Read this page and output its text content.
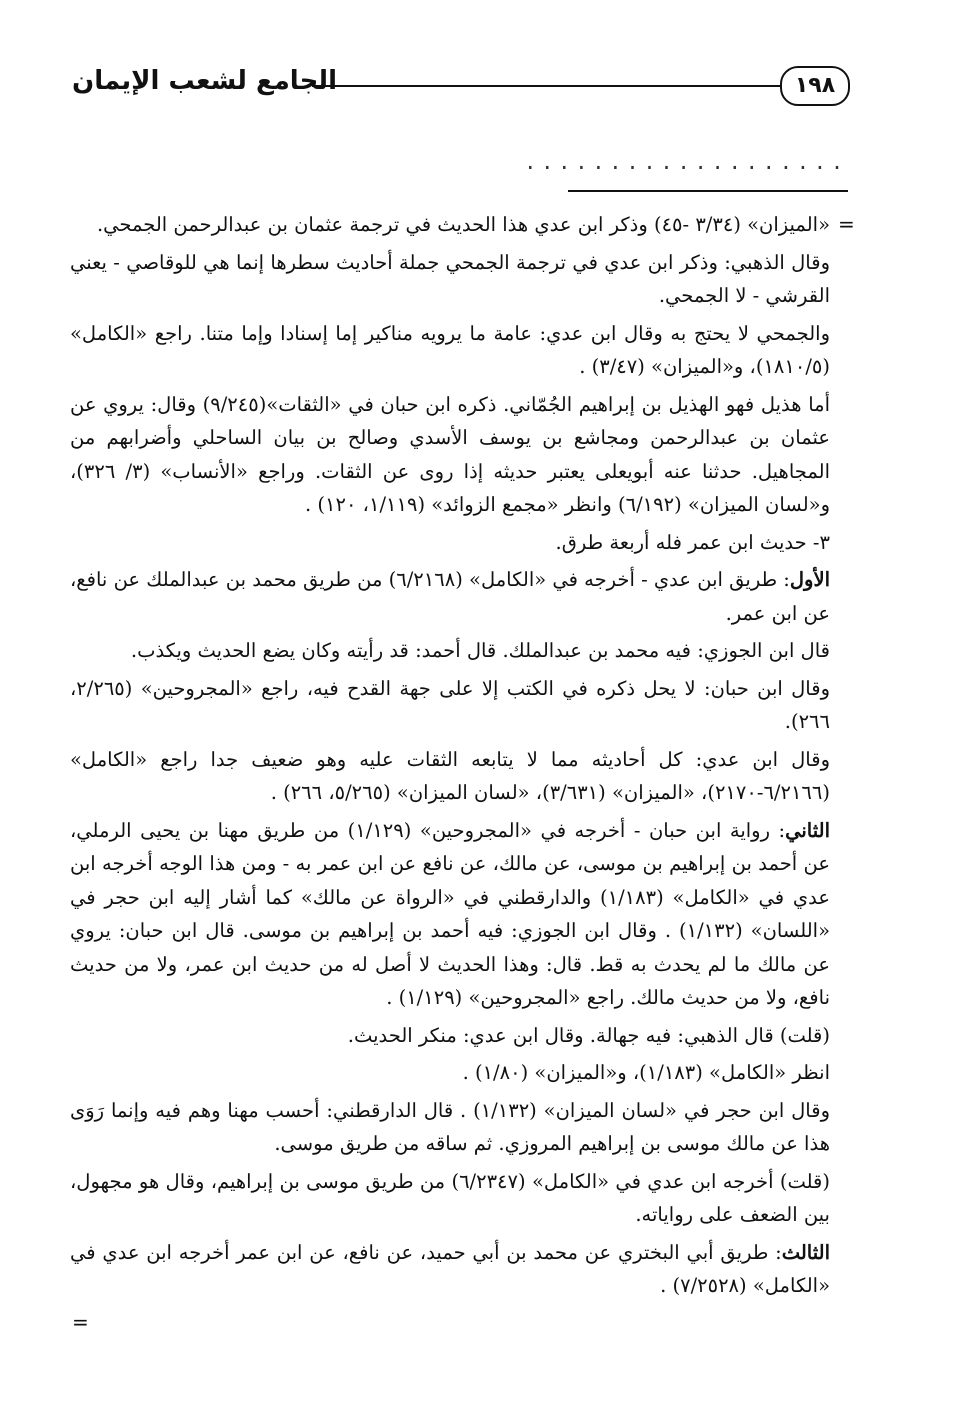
١٩٨
الجامع لشعب الإيمان
...................
=

«الميزان» (٣/٣٤ -٤٥) وذكر ابن عدي هذا الحديث في ترجمة عثمان بن عبدالرحمن الجمحي.

وقال الذهبي: وذكر ابن عدي في ترجمة الجمحي جملة أحاديث سطرها إنما هي للوقاصي - يعني القرشي - لا الجمحي.

والجمحي لا يحتج به وقال ابن عدي: عامة ما يرويه مناكير إما إسنادا وإما متنا. راجع «الكامل» (١٨١٠/٥)، و«الميزان» (٣/٤٧) .

أما هذيل فهو الهذيل بن إبراهيم الجُمّاني. ذكره ابن حبان في «الثقات»(٩/٢٤٥) وقال: يروي عن عثمان بن عبدالرحمن ومجاشع بن يوسف الأسدي وصالح بن بيان الساحلي وأضرابهم من المجاهيل. حدثنا عنه أبويعلى يعتبر حديثه إذا روى عن الثقات. وراجع «الأنساب» (٣/ ٣٢٦)، و«لسان الميزان» (٦/١٩٢) وانظر «مجمع الزوائد» (١/١١٩، ١٢٠) .

٣- حديث ابن عمر فله أربعة طرق.

الأول: طريق ابن عدي - أخرجه في «الكامل» (٦/٢١٦٨) من طريق محمد بن عبدالملك عن نافع، عن ابن عمر.

قال ابن الجوزي: فيه محمد بن عبدالملك. قال أحمد: قد رأيته وكان يضع الحديث ويكذب.

وقال ابن حبان: لا يحل ذكره في الكتب إلا على جهة القدح فيه، راجع «المجروحين» (٢/٢٦٥، ٢٦٦).

وقال ابن عدي: كل أحاديثه مما لا يتابعه الثقات عليه وهو ضعيف جدا راجع «الكامل» (٦/٢١٦٦-٢١٧٠)، «الميزان» (٣/٦٣١)، «لسان الميزان» (٥/٢٦٥، ٢٦٦) .

الثاني: رواية ابن حبان - أخرجه في «المجروحين» (١/١٢٩) من طريق مهنا بن يحيى الرملي، عن أحمد بن إبراهيم بن موسى، عن مالك، عن نافع عن ابن عمر به - ومن هذا الوجه أخرجه ابن عدي في «الكامل» (١/١٨٣) والدارقطني في «الرواة عن مالك» كما أشار إليه ابن حجر في «اللسان» (١/١٣٢) . وقال ابن الجوزي: فيه أحمد بن إبراهيم بن موسى. قال ابن حبان: يروي عن مالك ما لم يحدث به قط. قال: وهذا الحديث لا أصل له من حديث ابن عمر، ولا من حديث نافع، ولا من حديث مالك. راجع «المجروحين» (١/١٢٩) .

(قلت) قال الذهبي: فيه جهالة. وقال ابن عدي: منكر الحديث.

انظر «الكامل» (١/١٨٣)، و«الميزان» (١/٨٠) .

وقال ابن حجر في «لسان الميزان» (١/١٣٢) . قال الدارقطني: أحسب مهنا وهم فيه وإنما رَوَى هذا عن مالك موسى بن إبراهيم المروزي. ثم ساقه من طريق موسى.

(قلت) أخرجه ابن عدي في «الكامل» (٦/٢٣٤٧) من طريق موسى بن إبراهيم، وقال هو مجهول، بين الضعف على رواياته.

الثالث: طريق أبي البختري عن محمد بن أبي حميد، عن نافع، عن ابن عمر أخرجه ابن عدي في «الكامل» (٧/٢٥٢٨) .

=
